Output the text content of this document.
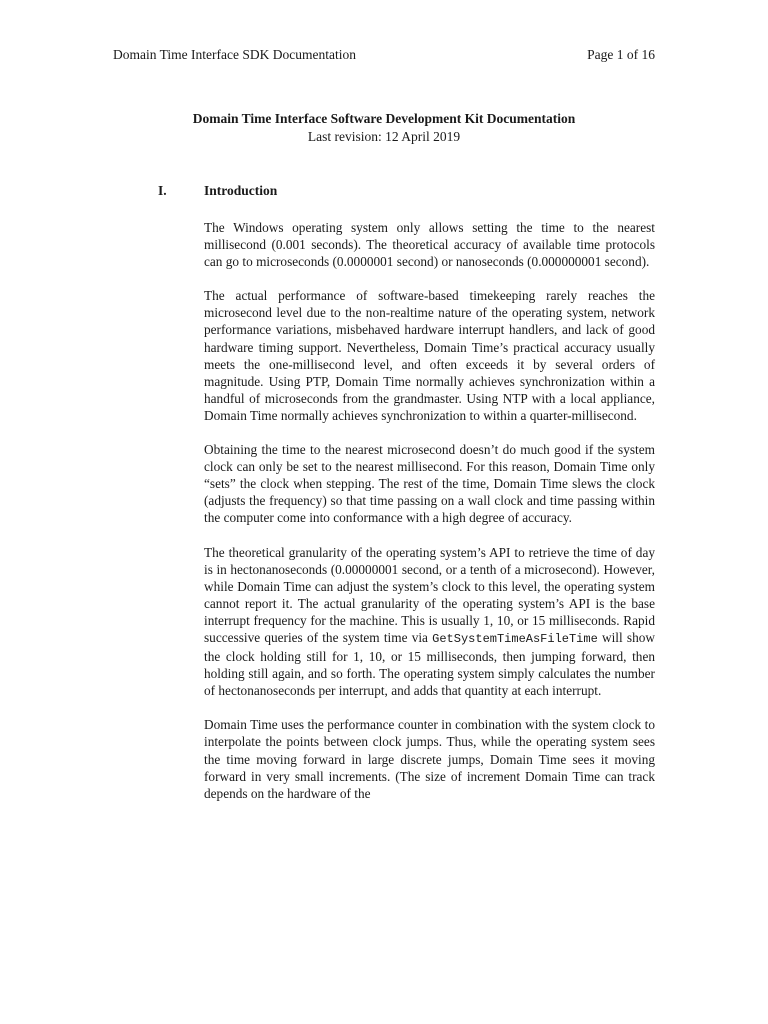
Domain Time Interface SDK Documentation	Page 1 of 16
Domain Time Interface Software Development Kit Documentation
Last revision: 12 April 2019
I.	Introduction

The Windows operating system only allows setting the time to the nearest millisecond (0.001 seconds). The theoretical accuracy of available time protocols can go to microseconds (0.0000001 second) or nanoseconds (0.000000001 second).

The actual performance of software-based timekeeping rarely reaches the microsecond level due to the non-realtime nature of the operating system, network performance variations, misbehaved hardware interrupt handlers, and lack of good hardware timing support. Nevertheless, Domain Time’s practical accuracy usually meets the one-millisecond level, and often exceeds it by several orders of magnitude. Using PTP, Domain Time normally achieves synchronization within a handful of microseconds from the grandmaster. Using NTP with a local appliance, Domain Time normally achieves synchronization to within a quarter-millisecond.

Obtaining the time to the nearest microsecond doesn’t do much good if the system clock can only be set to the nearest millisecond. For this reason, Domain Time only “sets” the clock when stepping. The rest of the time, Domain Time slews the clock (adjusts the frequency) so that time passing on a wall clock and time passing within the computer come into conformance with a high degree of accuracy.

The theoretical granularity of the operating system’s API to retrieve the time of day is in hectonanoseconds (0.00000001 second, or a tenth of a microsecond). However, while Domain Time can adjust the system’s clock to this level, the operating system cannot report it. The actual granularity of the operating system’s API is the base interrupt frequency for the machine. This is usually 1, 10, or 15 milliseconds. Rapid successive queries of the system time via GetSystemTimeAsFileTime will show the clock holding still for 1, 10, or 15 milliseconds, then jumping forward, then holding still again, and so forth. The operating system simply calculates the number of hectonanoseconds per interrupt, and adds that quantity at each interrupt.

Domain Time uses the performance counter in combination with the system clock to interpolate the points between clock jumps. Thus, while the operating system sees the time moving forward in large discrete jumps, Domain Time sees it moving forward in very small increments. (The size of increment Domain Time can track depends on the hardware of the
